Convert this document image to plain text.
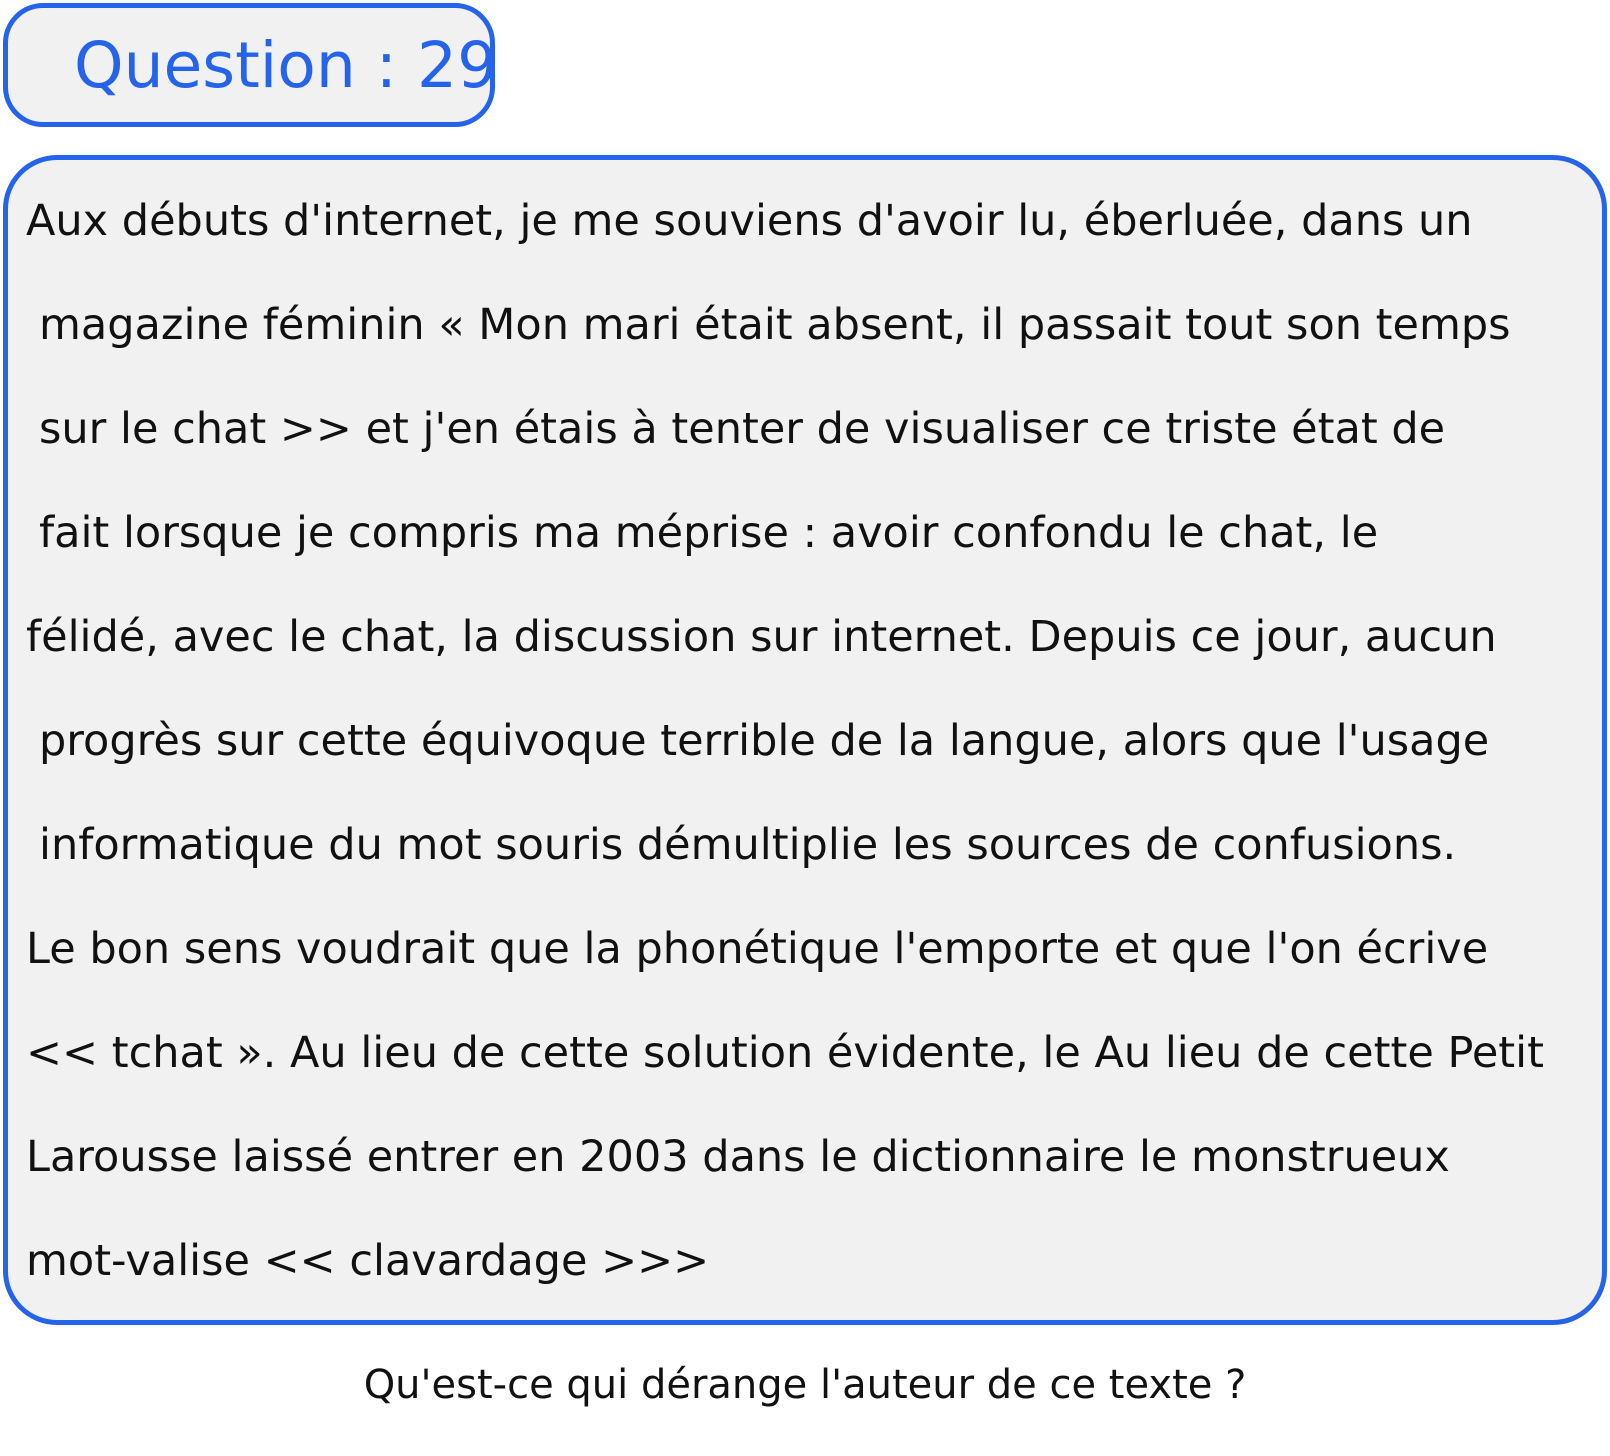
Question : 29
Aux débuts d'internet, je me souviens d'avoir lu, éberluée, dans un
magazine féminin « Mon mari était absent, il passait tout son temps
sur le chat >> et j'en étais à tenter de visualiser ce triste état de
fait lorsque je compris ma méprise : avoir confondu le chat, le
félidé, avec le chat, la discussion sur internet. Depuis ce jour, aucun
progrès sur cette équivoque terrible de la langue, alors que l'usage
informatique du mot souris démultiplie les sources de confusions.
Le bon sens voudrait que la phonétique l'emporte et que l'on écrive
<< tchat ». Au lieu de cette solution évidente, le Au lieu de cette Petit
Larousse laissé entrer en 2003 dans le dictionnaire le monstrueux
mot-valise << clavardage >>>
Qu'est-ce qui dérange l'auteur de ce texte ?
